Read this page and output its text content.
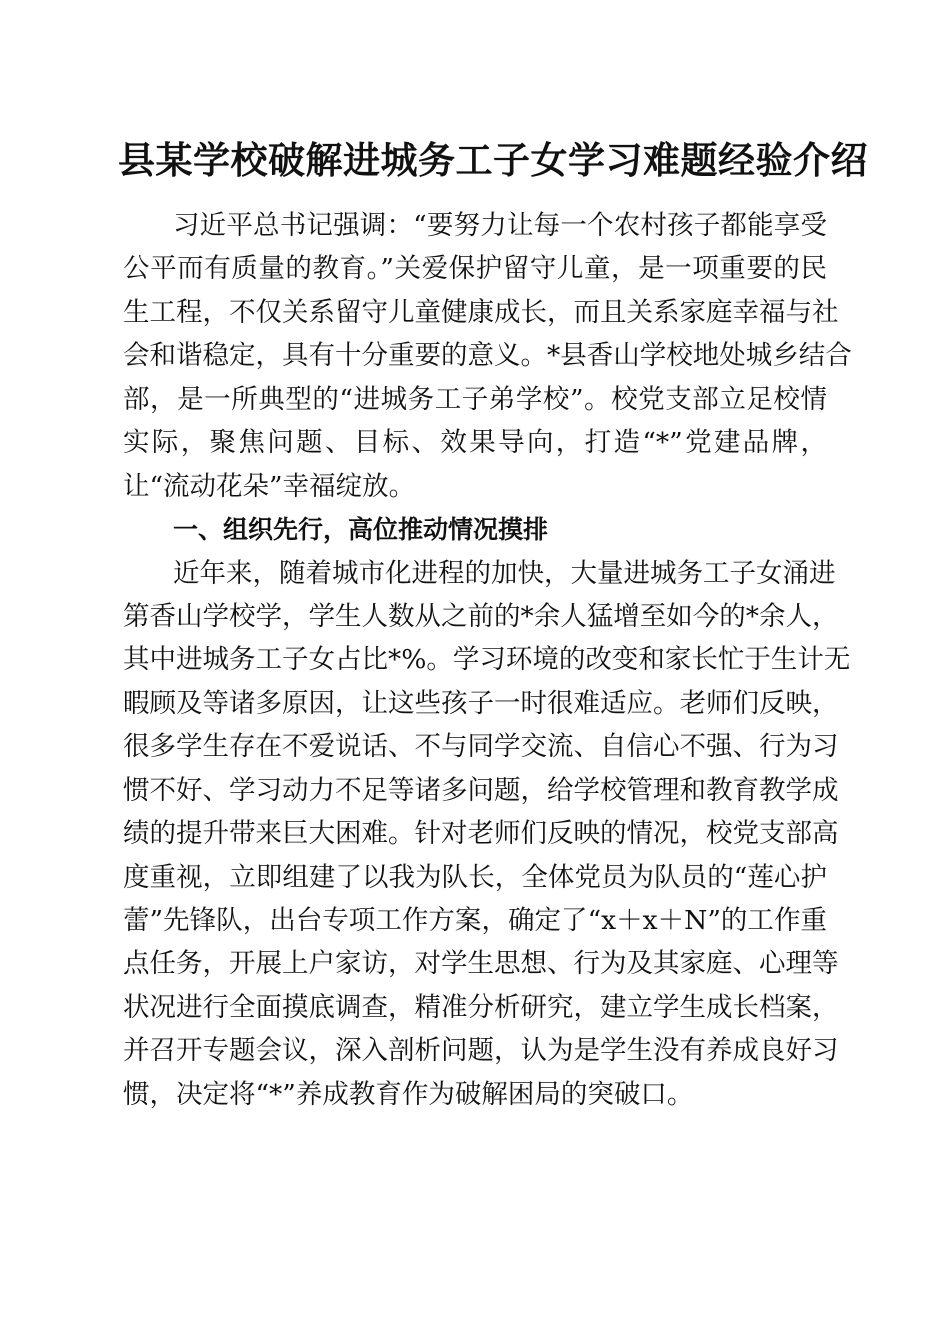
县某学校破解进城务工子女学习难题经验介绍
习近平总书记强调：“要努力让每一个农村孩子都能享受
公平而有质量的教育。”关爱保护留守儿童，是一项重要的民
生工程，不仅关系留守儿童健康成长，而且关系家庭幸福与社
会和谐稳定，具有十分重要的意义。*县香山学校地处城乡结合
部，是一所典型的“进城务工子弟学校”。校党支部立足校情
实际，聚焦问题、目标、效果导向，打造“*”党建品牌，
让“流动花朵”幸福绽放。
一、组织先行，高位推动情况摸排
近年来，随着城市化进程的加快，大量进城务工子女涌进
第香山学校学，学生人数从之前的*余人猛增至如今的*余人，
其中进城务工子女占比*%。学习环境的改变和家长忙于生计无
暇顾及等诸多原因，让这些孩子一时很难适应。老师们反映，
很多学生存在不爱说话、不与同学交流、自信心不强、行为习
惯不好、学习动力不足等诸多问题，给学校管理和教育教学成
绩的提升带来巨大困难。针对老师们反映的情况，校党支部高
度重视，立即组建了以我为队长，全体党员为队员的“莲心护
蕾”先锋队，出台专项工作方案，确定了“x＋x＋N”的工作重
点任务，开展上户家访，对学生思想、行为及其家庭、心理等
状况进行全面摸底调查，精准分析研究，建立学生成长档案，
并召开专题会议，深入剖析问题，认为是学生没有养成良好习
惯，决定将“*”养成教育作为破解困局的突破口。
